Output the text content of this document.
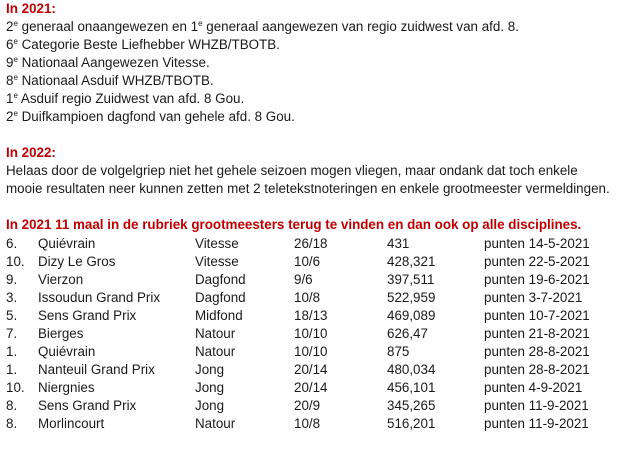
In 2021:
2e generaal onaangewezen en 1e generaal aangewezen van regio zuidwest van afd. 8.
6e Categorie Beste Liefhebber WHZB/TBOTB.
9e Nationaal Aangewezen Vitesse.
8e Nationaal Asduif WHZB/TBOTB.
1e Asduif regio Zuidwest van afd. 8 Gou.
2e Duifkampioen dagfond van gehele afd. 8 Gou.
In 2022:
Helaas door de volgelgriep niet het gehele seizoen mogen vliegen, maar ondank dat toch enkele mooie resultaten neer kunnen zetten met 2 teletekstnoteringen en enkele grootmeester vermeldingen.
In 2021 11 maal in de rubriek grootmeesters terug te vinden en dan ook op alle disciplines.
6.	Quiévrain	Vitesse	26/18	431	punten 14-5-2021
10.	Dizy Le Gros	Vitesse	10/6	428,321	punten 22-5-2021
9.	Vierzon	Dagfond	9/6	397,511	punten 19-6-2021
3.	Issoudun Grand Prix	Dagfond	10/8	522,959	punten 3-7-2021
5.	Sens Grand Prix	Midfond	18/13	469,089	punten 10-7-2021
7.	Bierges	Natour	10/10	626,47	punten 21-8-2021
1.	Quiévrain	Natour	10/10	875	punten 28-8-2021
1.	Nanteuil Grand Prix	Jong	20/14	480,034	punten 28-8-2021
10.	Niergnies	Jong	20/14	456,101	punten 4-9-2021
8.	Sens Grand Prix	Jong	20/9	345,265	punten 11-9-2021
8.	Morlincourt	Natour	10/8	516,201	punten 11-9-2021
